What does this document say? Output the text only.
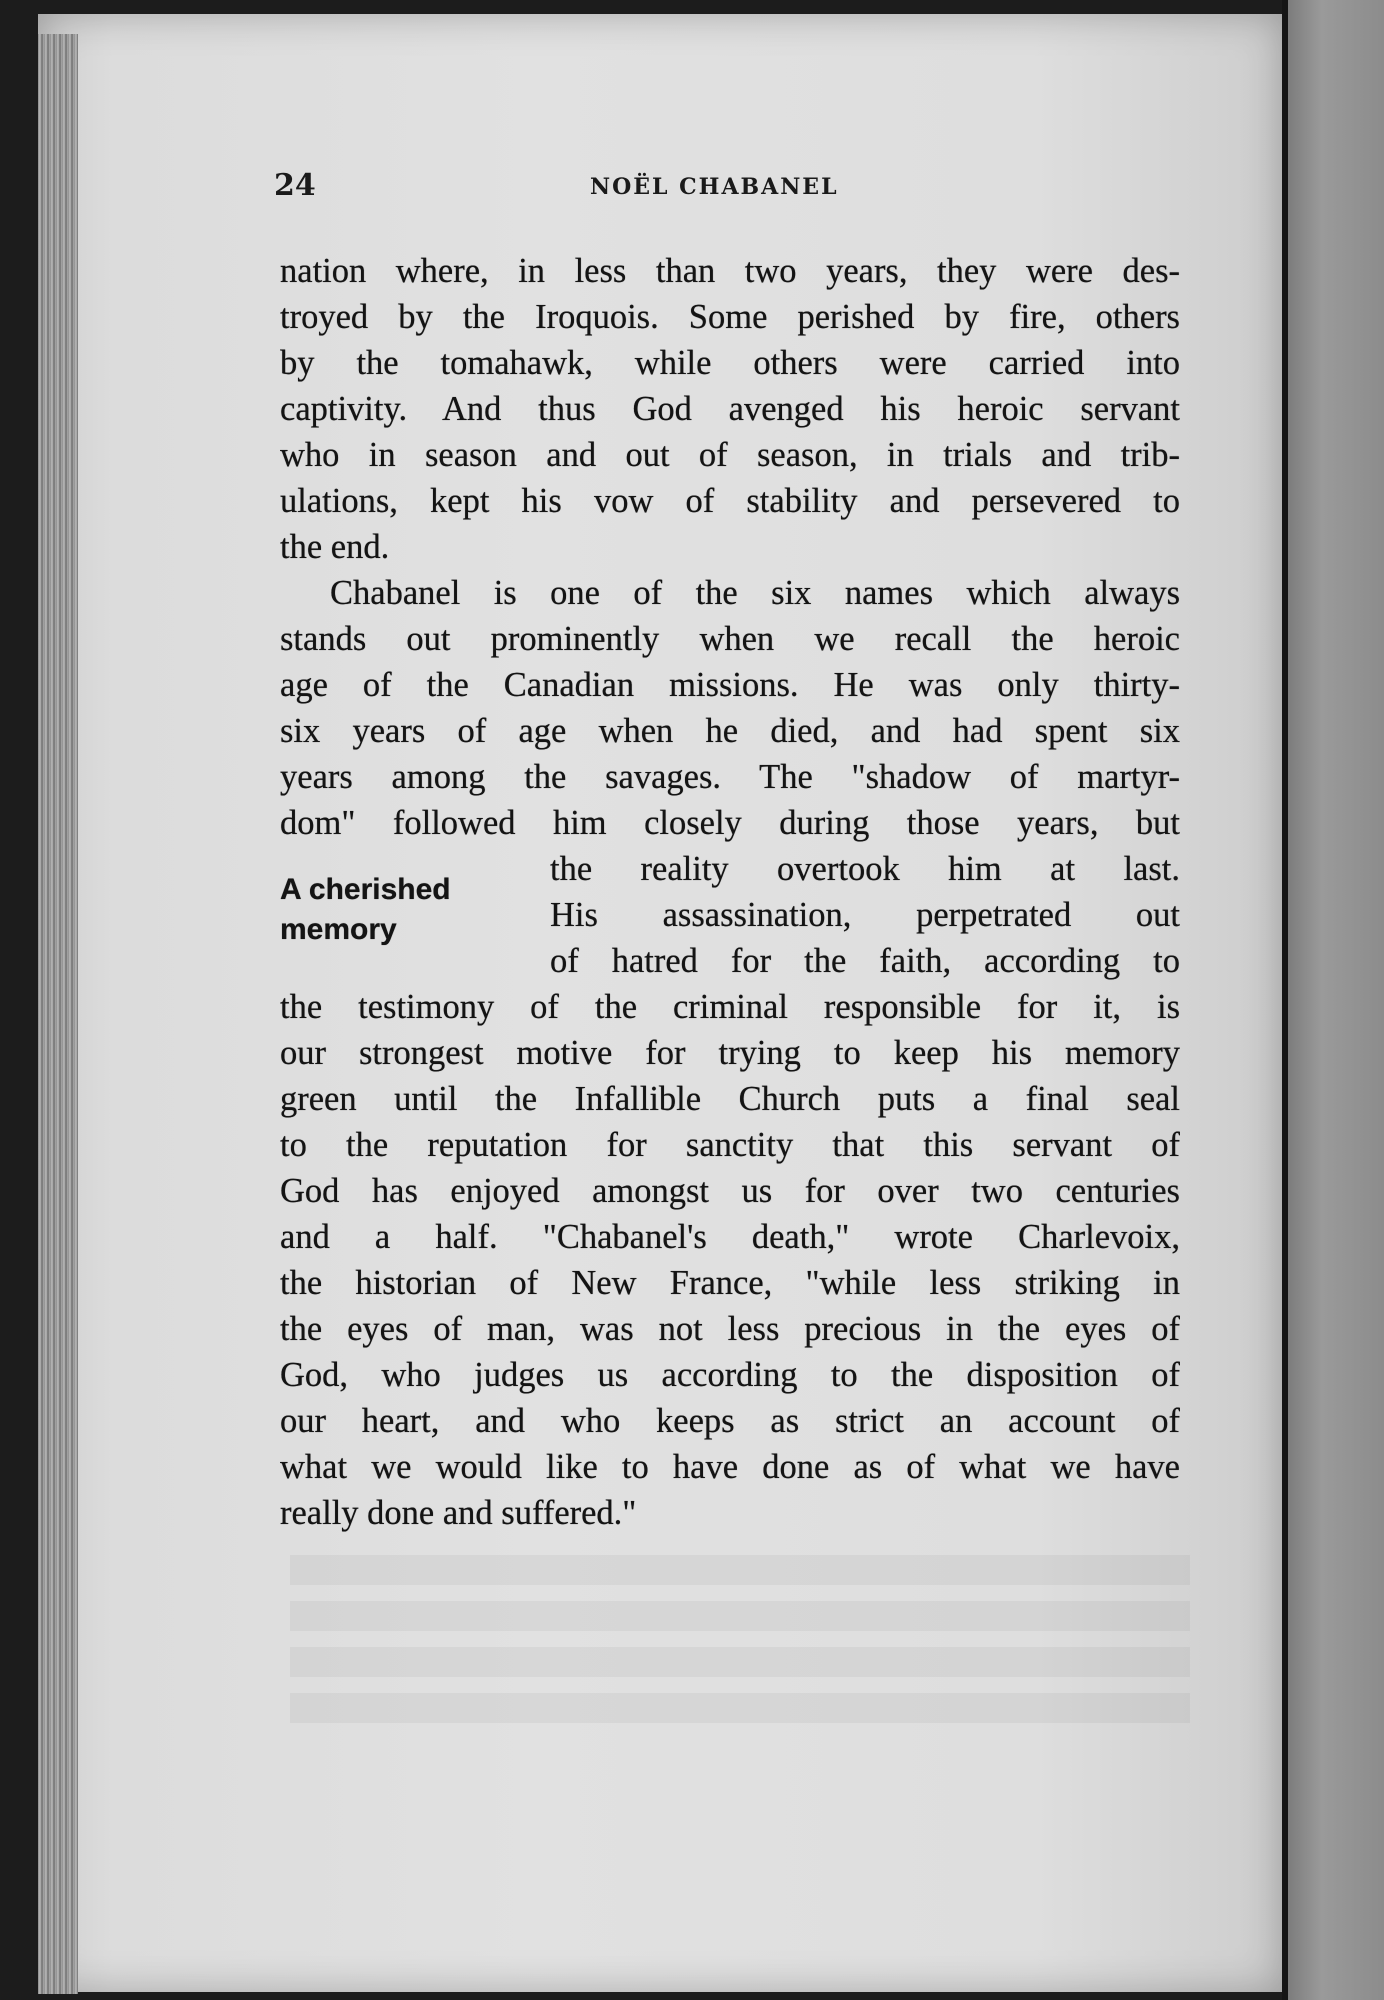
24	NOËL CHABANEL
nation where, in less than two years, they were des-
troyed by the Iroquois. Some perished by fire, others
by the tomahawk, while others were carried into
captivity. And thus God avenged his heroic servant
who in season and out of season, in trials and trib-
ulations, kept his vow of stability and persevered to
the end.
Chabanel is one of the six names which always
stands out prominently when we recall the heroic
age of the Canadian missions. He was only thirty-
six years of age when he died, and had spent six
years among the savages. The "shadow of martyr-
dom" followed him closely during those years, but
A cherished
memory
the reality overtook him at last.
His assassination, perpetrated out
of hatred for the faith, according to
the testimony of the criminal responsible for it, is
our strongest motive for trying to keep his memory
green until the Infallible Church puts a final seal
to the reputation for sanctity that this servant of
God has enjoyed amongst us for over two centuries
and a half. "Chabanel's death," wrote Charlevoix,
the historian of New France, "while less striking in
the eyes of man, was not less precious in the eyes of
God, who judges us according to the disposition of
our heart, and who keeps as strict an account of
what we would like to have done as of what we have
really done and suffered."
